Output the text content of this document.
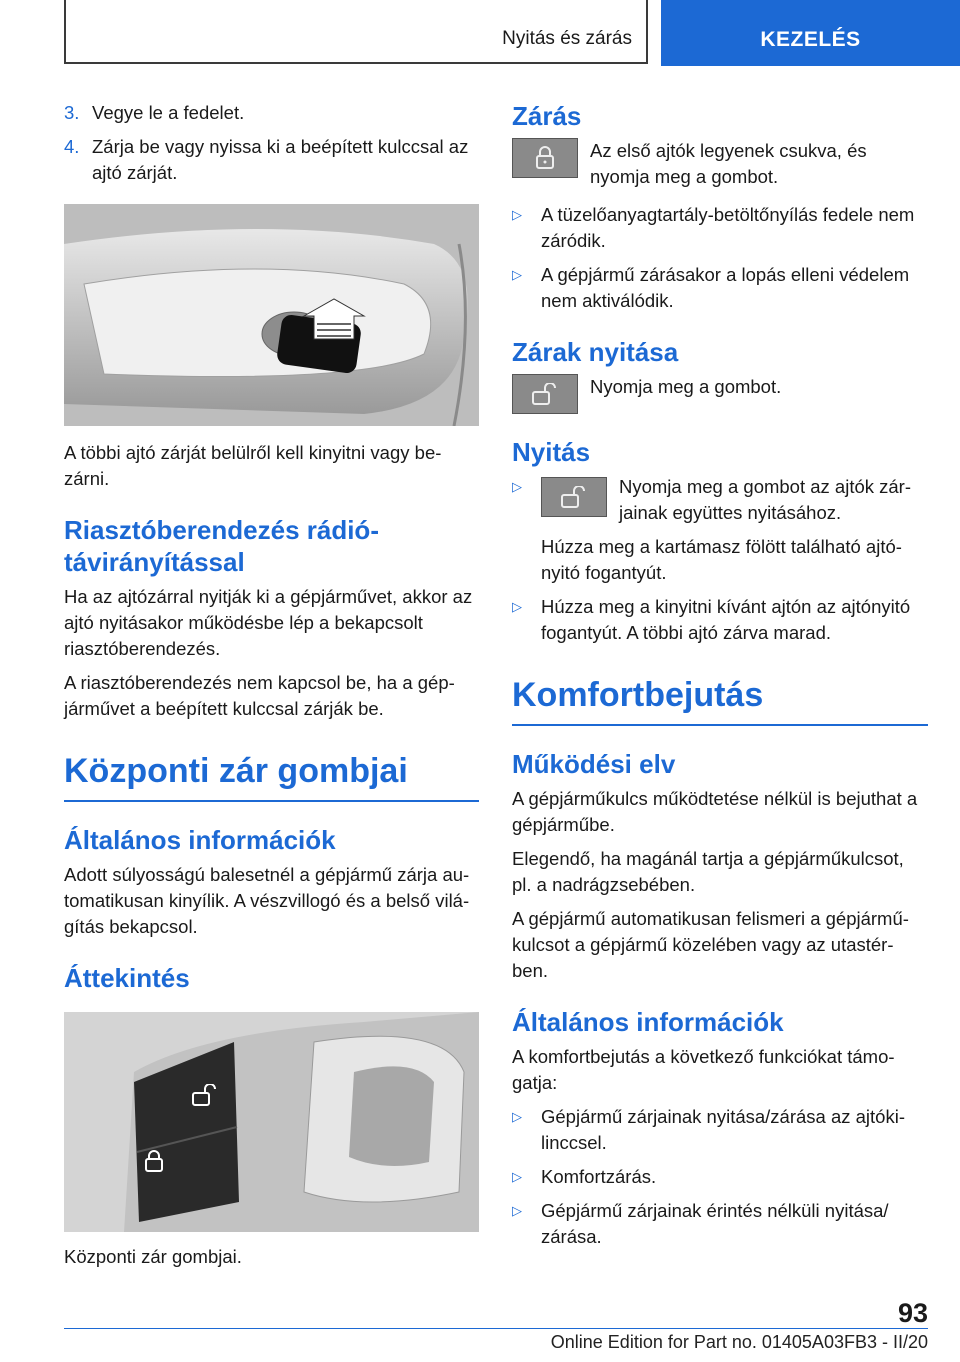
Nyitás és zárás	KEZELÉS
3. Vegye le a fedelet.
4. Zárja be vagy nyissa ki a beépített kulccsal az ajtó zárját.

A többi ajtó zárját belülről kell kinyitni vagy be-zárni.

Riasztóberendezés rádió-távirányítással

Ha az ajtózárral nyitják ki a gépjárművet, akkor az ajtó nyitásakor működésbe lép a bekapcsolt riasztóberendezés.

A riasztóberendezés nem kapcsol be, ha a gép-járművet a beépített kulccsal zárják be.

Központi zár gombjai
Általános információk

Adott súlyosságú balesetnél a gépjármű zárja au-tomatikusan kinyílik. A vészvillogó és a belső vilá-gítás bekapcsol.

Áttekintés

Központi zár gombjai.

Zárás
Az első ajtók legyenek csukva, és nyomja meg a gombot.
▷	A tüzelőanyagtartály-betöltőnyílás fedele nem záródik.
▷	A gépjármű zárásakor a lopás elleni védelem nem aktiválódik.
Zárak nyitása
Nyomja meg a gombot.
Nyitás
▷	Nyomja meg a gombot az ajtók zár-jainak együttes nyitásához.

Húzza meg a kartámasz fölött található ajtó-nyitó fogantyút.

▷	Húzza meg a kinyitni kívánt ajtón az ajtónyitó fogantyút. A többi ajtó zárva marad.
Komfortbejutás
Működési elv

A gépjárműkulcs működtetése nélkül is bejuthat a gépjárműbe.

Elegendő, ha magánál tartja a gépjárműkulcsot, pl. a nadrágzsebében.

A gépjármű automatikusan felismeri a gépjármű-kulcsot a gépjármű közelében vagy az utastér-ben.

Általános információk

A komfortbejutás a következő funkciókat támo-gatja:

▷	Gépjármű zárjainak nyitása/zárása az ajtóki-linccsel.
▷	Komfortzárás.
▷	Gépjármű zárjainak érintés nélküli nyitása/ zárása.
93
Online Edition for Part no. 01405A03FB3 - II/20
